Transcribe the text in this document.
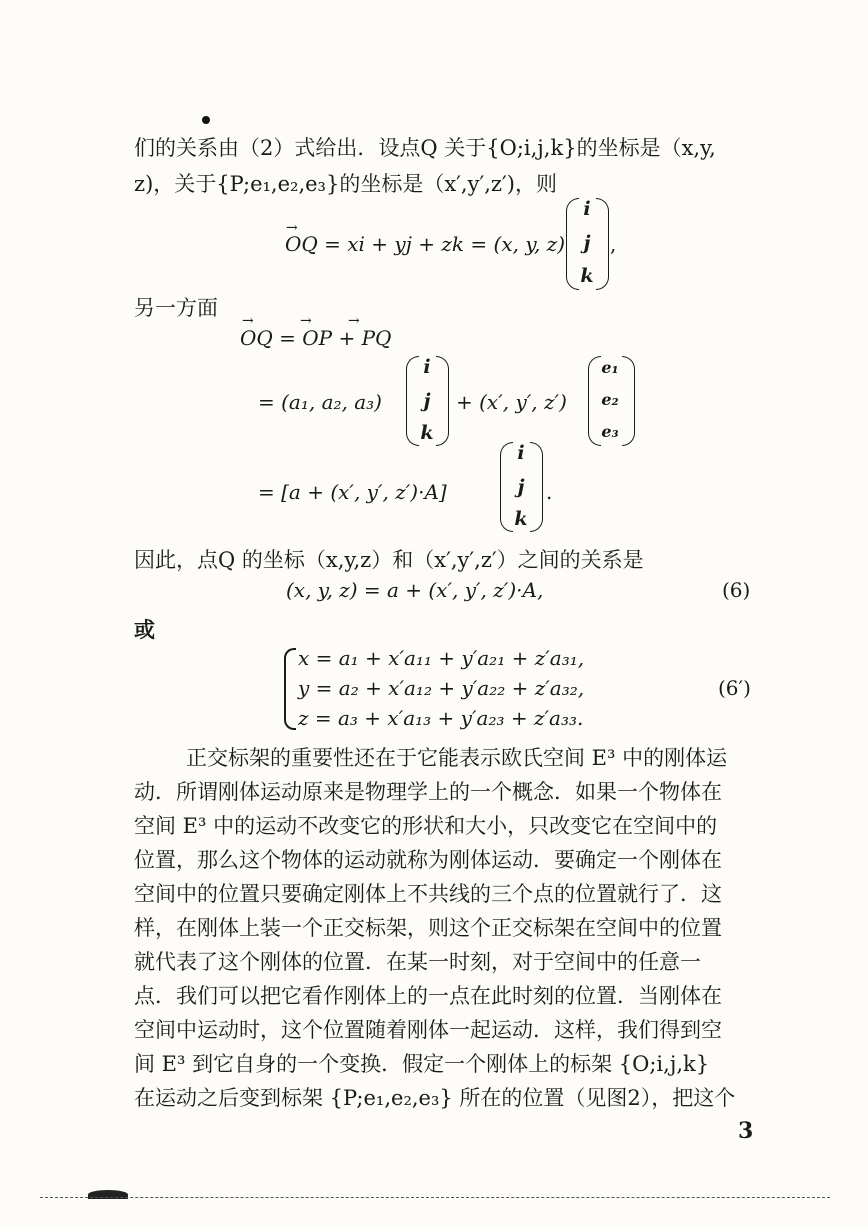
们的关系由（2）式给出．设点Q 关于{O;i,j,k}的坐标是（x,y,
z)，关于{P;e₁,e₂,e₃}的坐标是（x′,y′,z′)，则
OQ = xi + yj + zk = (x, y, z)
→
i
j
k
,
另一方面
OQ = OP + PQ
→	→	→
= (a₁, a₂, a₃)
i
j
k
+ (x′, y′, z′)
e₁
e₂
e₃
= [a + (x′, y′, z′)·A]
i
j
k
.
因此，点Q 的坐标（x,y,z）和（x′,y′,z′）之间的关系是
(x, y, z) = a + (x′, y′, z′)·A,	(6)
或
x = a₁ + x′a₁₁ + y′a₂₁ + z′a₃₁,
y = a₂ + x′a₁₂ + y′a₂₂ + z′a₃₂,
z = a₃ + x′a₁₃ + y′a₂₃ + z′a₃₃.
(6′)
正交标架的重要性还在于它能表示欧氏空间 E³ 中的刚体运
动．所谓刚体运动原来是物理学上的一个概念．如果一个物体在
空间 E³ 中的运动不改变它的形状和大小，只改变它在空间中的
位置，那么这个物体的运动就称为刚体运动．要确定一个刚体在
空间中的位置只要确定刚体上不共线的三个点的位置就行了．这
样，在刚体上装一个正交标架，则这个正交标架在空间中的位置
就代表了这个刚体的位置．在某一时刻，对于空间中的任意一
点．我们可以把它看作刚体上的一点在此时刻的位置．当刚体在
空间中运动时，这个位置随着刚体一起运动．这样，我们得到空
间 E³ 到它自身的一个变换．假定一个刚体上的标架 {O;i,j,k}
在运动之后变到标架 {P;e₁,e₂,e₃} 所在的位置（见图2），把这个
3
